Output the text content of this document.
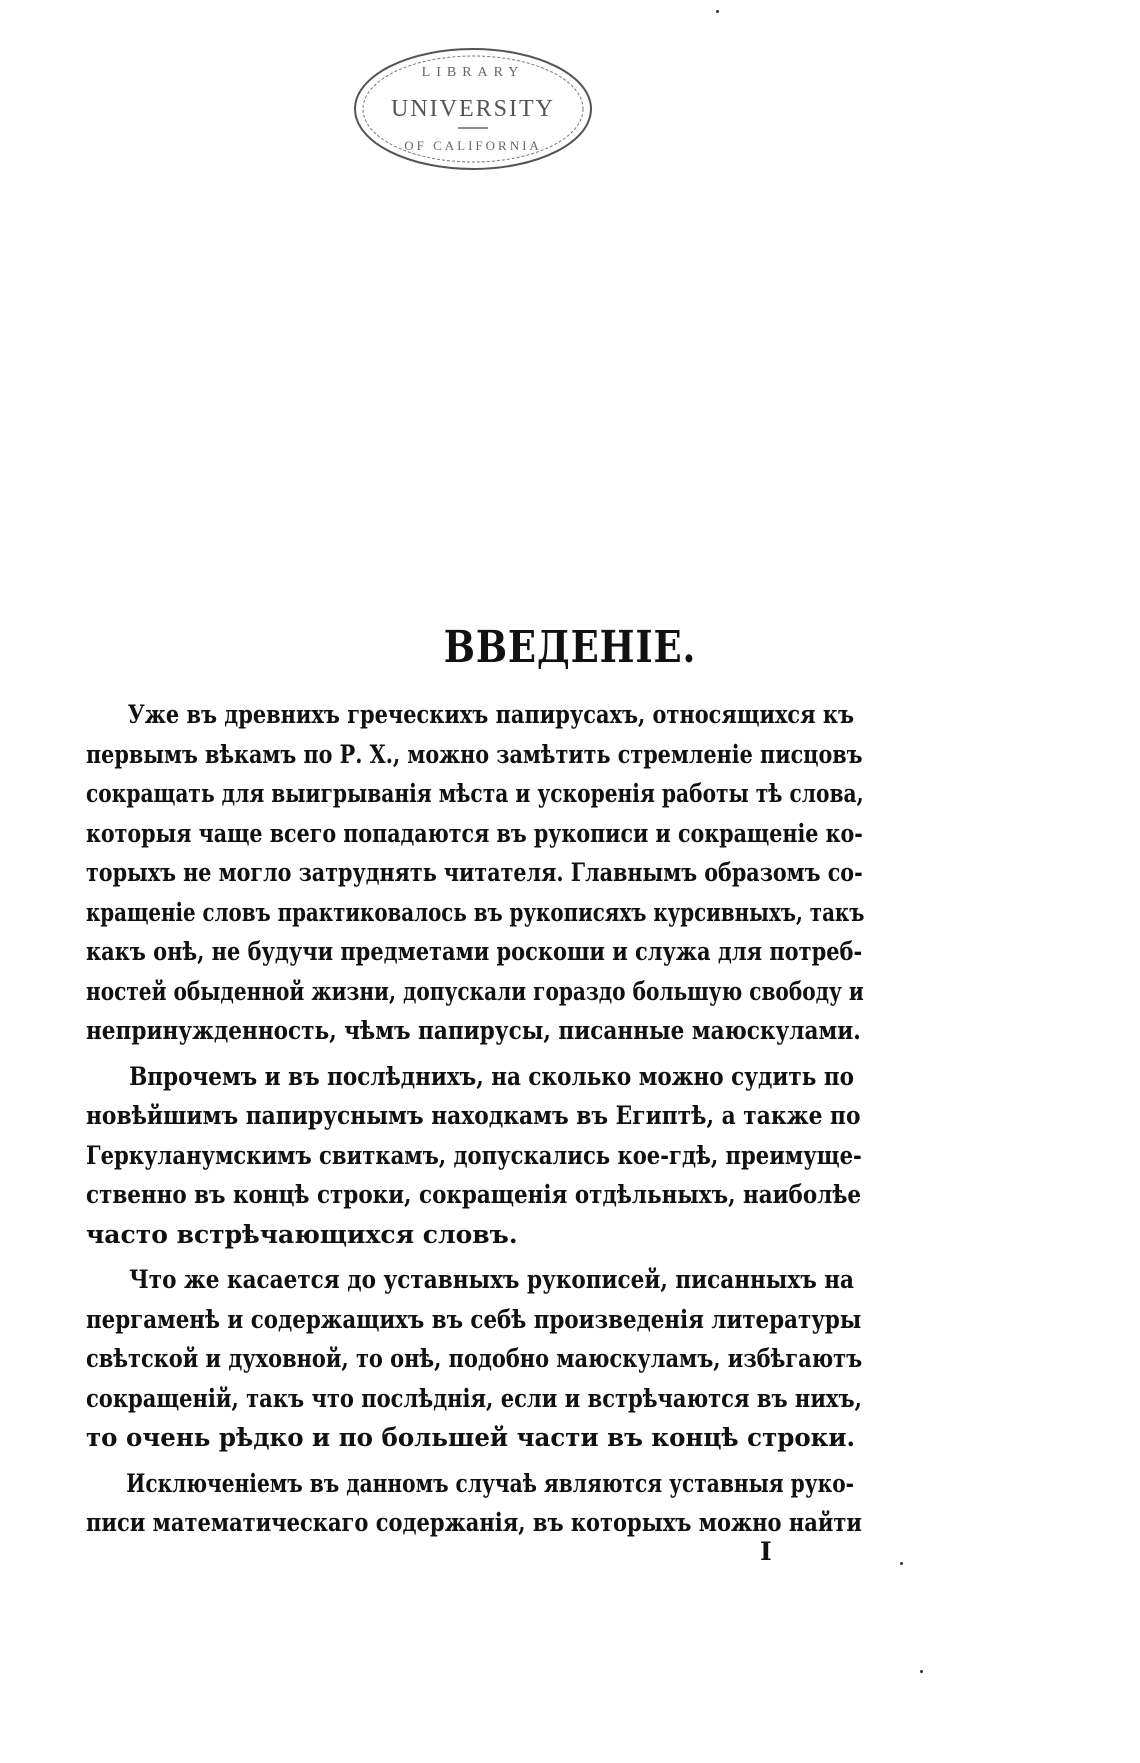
LIBRARY
UNIVERSITY
OF CALIFORNIA
ВВЕДЕНІЕ.
Уже въ древнихъ греческихъ папирусахъ, относящихся къ
первымъ вѣкамъ по Р. Х., можно замѣтить стремленіе писцовъ
сокращать для выигрыванія мѣста и ускоренія работы тѣ слова,
которыя чаще всего попадаются въ рукописи и сокращеніе ко-
торыхъ не могло затруднять читателя. Главнымъ образомъ со-
кращеніе словъ практиковалось въ рукописяхъ курсивныхъ, такъ
какъ онѣ, не будучи предметами роскоши и служа для потреб-
ностей обыденной жизни, допускали гораздо большую свободу и
непринужденность, чѣмъ папирусы, писанные маюскулами.
Впрочемъ и въ послѣднихъ, на сколько можно судить по
новѣйшимъ папируснымъ находкамъ въ Египтѣ, а также по
Геркуланумскимъ свиткамъ, допускались кое-гдѣ, преимуще-
ственно въ концѣ строки, сокращенія отдѣльныхъ, наиболѣе
часто встрѣчающихся словъ.
Что же касается до уставныхъ рукописей, писанныхъ на
пергаменѣ и содержащихъ въ себѣ произведенія литературы
свѣтской и духовной, то онѣ, подобно маюскуламъ, избѣгаютъ
сокращеній, такъ что послѣднія, если и встрѣчаются въ нихъ,
то очень рѣдко и по большей части въ концѣ строки.
Исключеніемъ въ данномъ случаѣ являются уставныя руко-
писи математическаго содержанія, въ которыхъ можно найти
I
